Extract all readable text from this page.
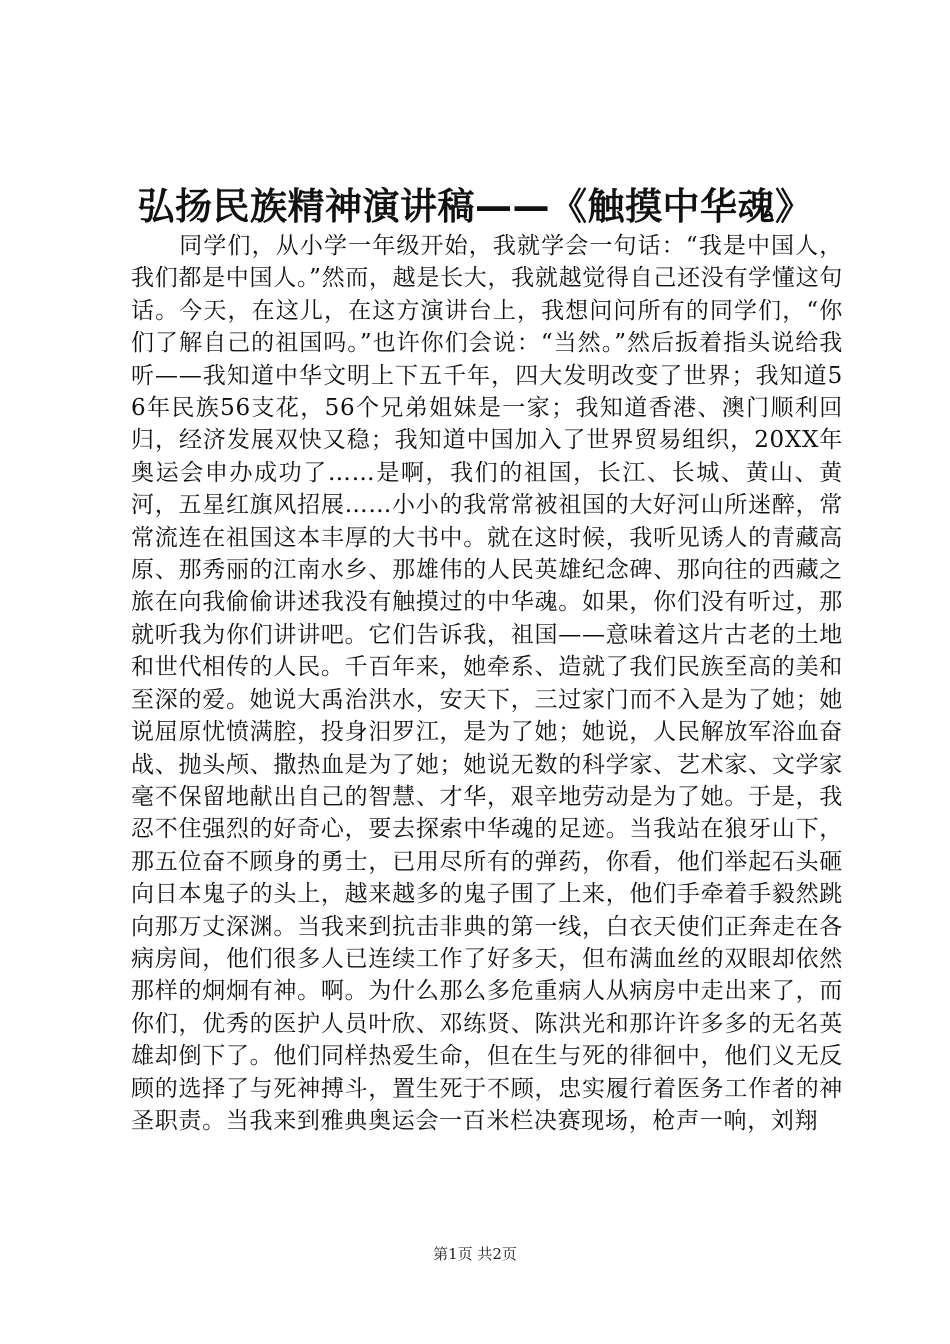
弘扬民族精神演讲稿——《触摸中华魂》

同学们，从小学一年级开始，我就学会一句话：“我是中国人，我们都是中国人。”然而，越是长大，我就越觉得自己还没有学懂这句话。今天，在这儿，在这方演讲台上，我想问问所有的同学们，“你们了解自己的祖国吗。”也许你们会说：“当然。”然后扳着指头说给我听——我知道中华文明上下五千年，四大发明改变了世界；我知道56年民族56支花，56个兄弟姐妹是一家；我知道香港、澳门顺利回归，经济发展双快又稳；我知道中国加入了世界贸易组织，20XX年奥运会申办成功了……是啊，我们的祖国，长江、长城、黄山、黄河，五星红旗风招展……小小的我常常被祖国的大好河山所迷醉，常常流连在祖国这本丰厚的大书中。就在这时候，我听见诱人的青藏高原、那秀丽的江南水乡、那雄伟的人民英雄纪念碑、那向往的西藏之旅在向我偷偷讲述我没有触摸过的中华魂。如果，你们没有听过，那就听我为你们讲讲吧。它们告诉我，祖国——意味着这片古老的土地和世代相传的人民。千百年来，她牵系、造就了我们民族至高的美和至深的爱。她说大禹治洪水，安天下，三过家门而不入是为了她；她说屈原忧愤满腔，投身汨罗江，是为了她；她说，人民解放军浴血奋战、抛头颅、撒热血是为了她；她说无数的科学家、艺术家、文学家毫不保留地献出自己的智慧、才华，艰辛地劳动是为了她。于是，我忍不住强烈的好奇心，要去探索中华魂的足迹。当我站在狼牙山下，那五位奋不顾身的勇士，已用尽所有的弹药，你看，他们举起石头砸向日本鬼子的头上，越来越多的鬼子围了上来，他们手牵着手毅然跳向那万丈深渊。当我来到抗击非典的第一线，白衣天使们正奔走在各病房间，他们很多人已连续工作了好多天，但布满血丝的双眼却依然那样的炯炯有神。啊。为什么那么多危重病人从病房中走出来了，而你们，优秀的医护人员叶欣、邓练贤、陈洪光和那许许多多的无名英雄却倒下了。他们同样热爱生命，但在生与死的徘徊中，他们义无反顾的选择了与死神搏斗，置生死于不顾，忠实履行着医务工作者的神圣职责。当我来到雅典奥运会一百米栏决赛现场，枪声一响，刘翔

第1页 共2页
